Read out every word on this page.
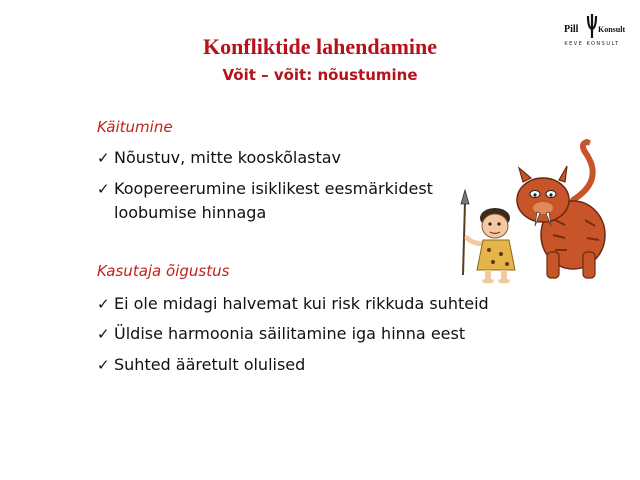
Konfliktide lahendamine
Võit – võit: nõustumine
Pill Konsult
KEVE KONSULT
Käitumine
✓ Nõustuv, mitte kooskõlastav
✓ Koopereerumine isiklikest eesmärkidest
loobumise hinnaga
Kasutaja õigustus
✓ Ei ole midagi halvemat kui risk rikkuda suhteid
✓ Üldise harmoonia säilitamine iga hinna eest
✓ Suhted ääretult olulised
